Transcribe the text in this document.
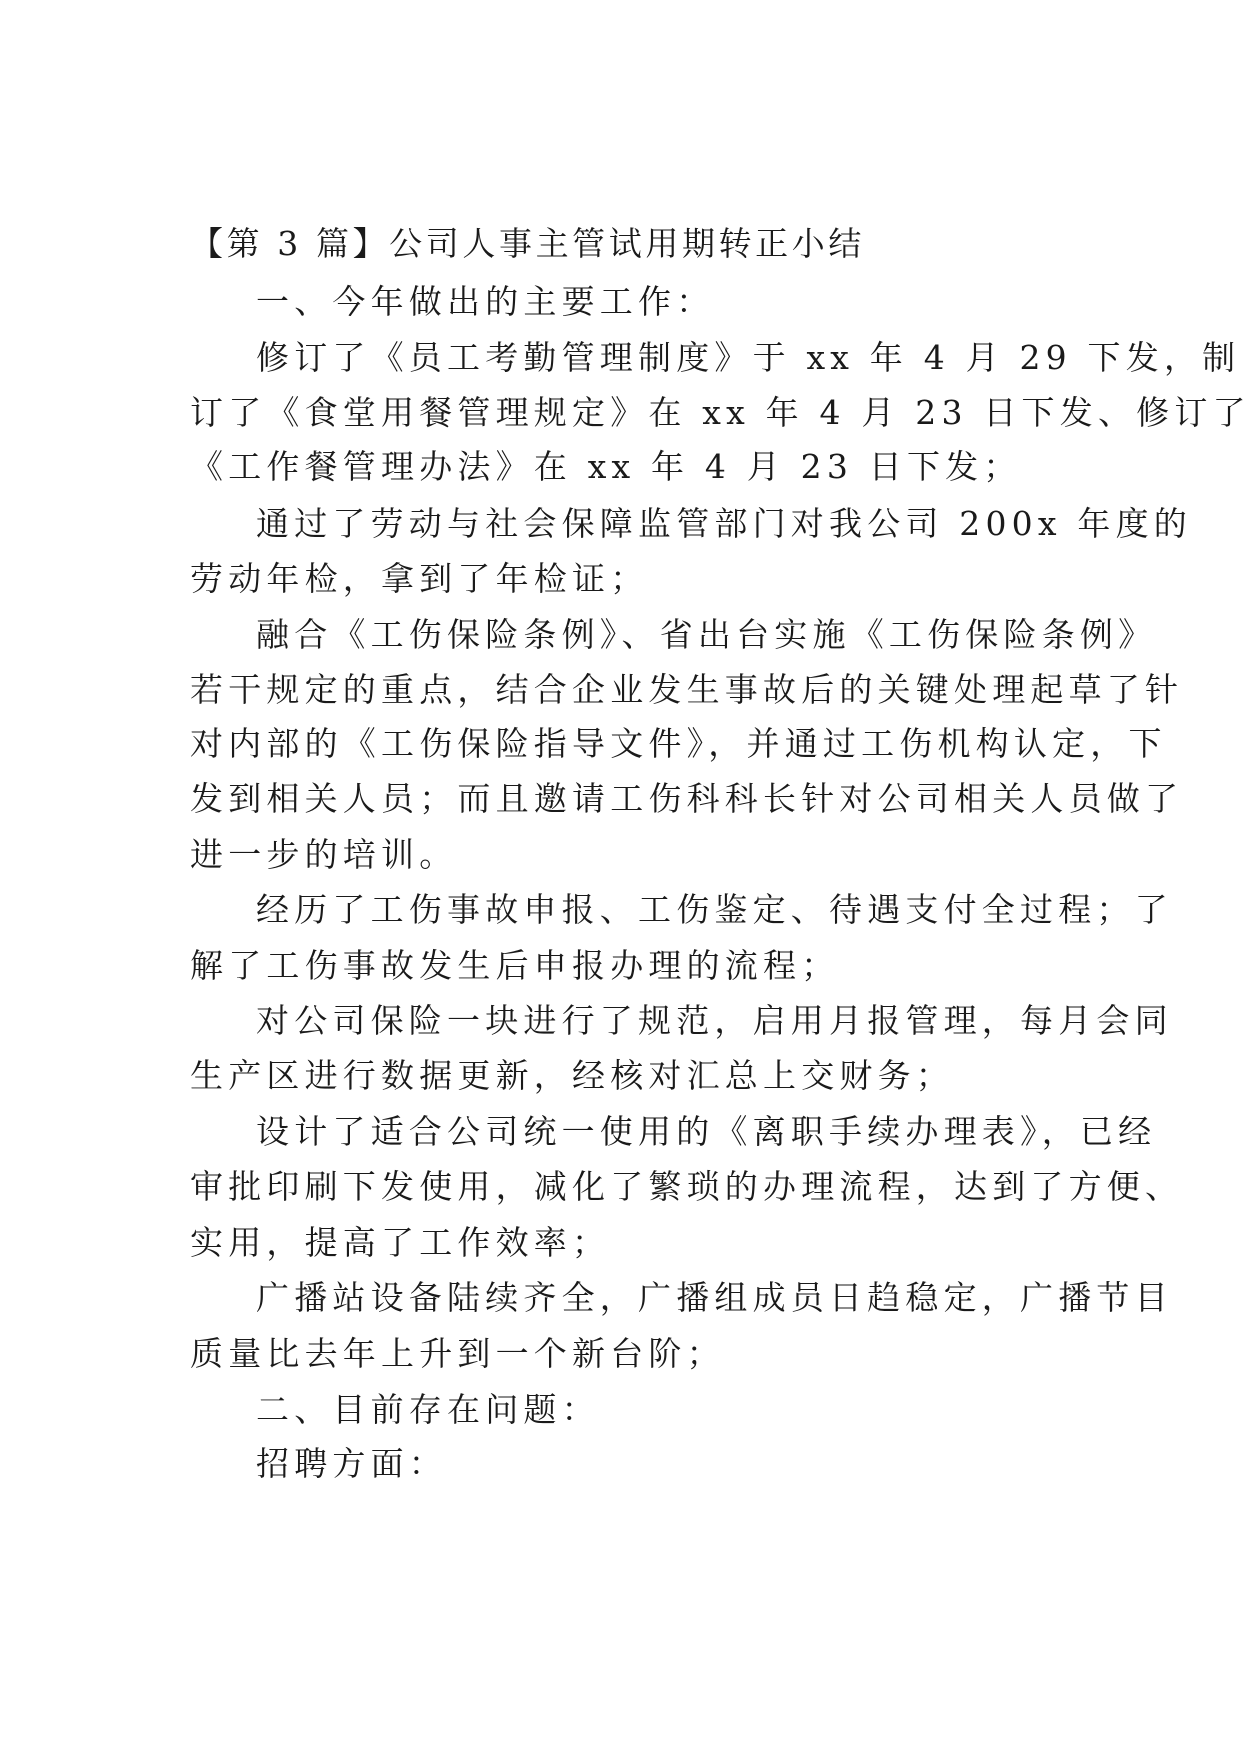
【第 3 篇】公司人事主管试用期转正小结
一、今年做出的主要工作：
修订了《员工考勤管理制度》于 xx 年 4 月 29 下发，制
订了《食堂用餐管理规定》在 xx 年 4 月 23 日下发、修订了
《工作餐管理办法》在 xx 年 4 月 23 日下发；
通过了劳动与社会保障监管部门对我公司 200x 年度的
劳动年检，拿到了年检证；
融合《工伤保险条例》、省出台实施《工伤保险条例》
若干规定的重点，结合企业发生事故后的关键处理起草了针
对内部的《工伤保险指导文件》，并通过工伤机构认定，下
发到相关人员；而且邀请工伤科科长针对公司相关人员做了
进一步的培训。
经历了工伤事故申报、工伤鉴定、待遇支付全过程；了
解了工伤事故发生后申报办理的流程；
对公司保险一块进行了规范，启用月报管理，每月会同
生产区进行数据更新，经核对汇总上交财务；
设计了适合公司统一使用的《离职手续办理表》，已经
审批印刷下发使用，减化了繁琐的办理流程，达到了方便、
实用，提高了工作效率；
广播站设备陆续齐全，广播组成员日趋稳定，广播节目
质量比去年上升到一个新台阶；
二、目前存在问题：
招聘方面：
